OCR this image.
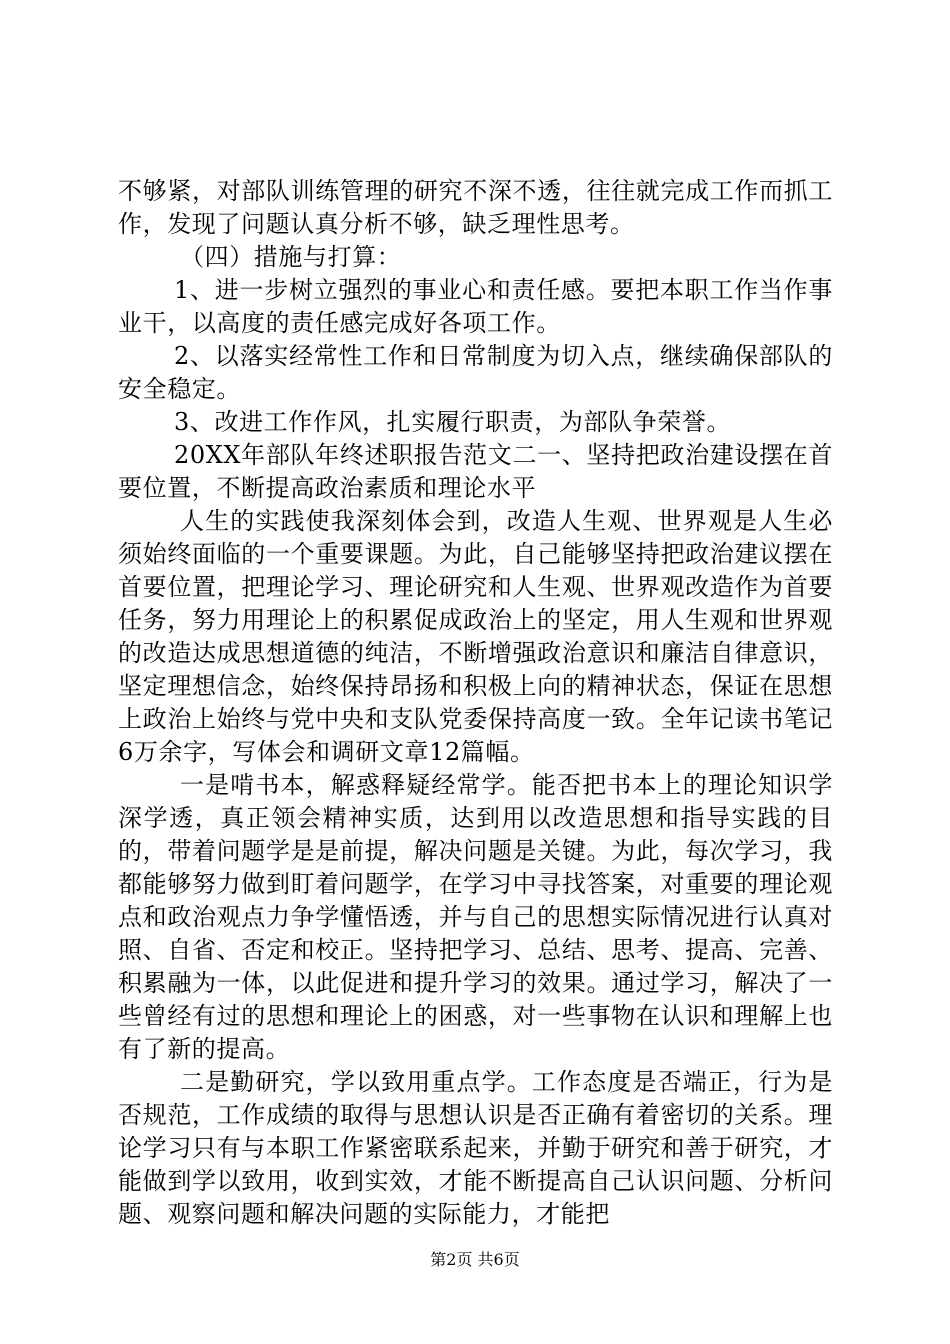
不够紧，对部队训练管理的研究不深不透，往往就完成工作而抓工作，发现了问题认真分析不够，缺乏理性思考。

（四）措施与打算：

1、进一步树立强烈的事业心和责任感。要把本职工作当作事业干，以高度的责任感完成好各项工作。

2、以落实经常性工作和日常制度为切入点，继续确保部队的安全稳定。

3、改进工作作风，扎实履行职责，为部队争荣誉。

20XX年部队年终述职报告范文二一、坚持把政治建设摆在首要位置，不断提高政治素质和理论水平

人生的实践使我深刻体会到，改造人生观、世界观是人生必须始终面临的一个重要课题。为此，自己能够坚持把政治建议摆在首要位置，把理论学习、理论研究和人生观、世界观改造作为首要任务，努力用理论上的积累促成政治上的坚定，用人生观和世界观的改造达成思想道德的纯洁，不断增强政治意识和廉洁自律意识，坚定理想信念，始终保持昂扬和积极上向的精神状态，保证在思想上政治上始终与党中央和支队党委保持高度一致。全年记读书笔记6万余字，写体会和调研文章12篇幅。

一是啃书本，解惑释疑经常学。能否把书本上的理论知识学深学透，真正领会精神实质，达到用以改造思想和指导实践的目的，带着问题学是是前提，解决问题是关键。为此，每次学习，我都能够努力做到盯着问题学，在学习中寻找答案，对重要的理论观点和政治观点力争学懂悟透，并与自己的思想实际情况进行认真对照、自省、否定和校正。坚持把学习、总结、思考、提高、完善、积累融为一体，以此促进和提升学习的效果。通过学习，解决了一些曾经有过的思想和理论上的困惑，对一些事物在认识和理解上也有了新的提高。

二是勤研究，学以致用重点学。工作态度是否端正，行为是否规范，工作成绩的取得与思想认识是否正确有着密切的关系。理论学习只有与本职工作紧密联系起来，并勤于研究和善于研究，才能做到学以致用，收到实效，才能不断提高自己认识问题、分析问题、观察问题和解决问题的实际能力，才能把

第2页 共6页
